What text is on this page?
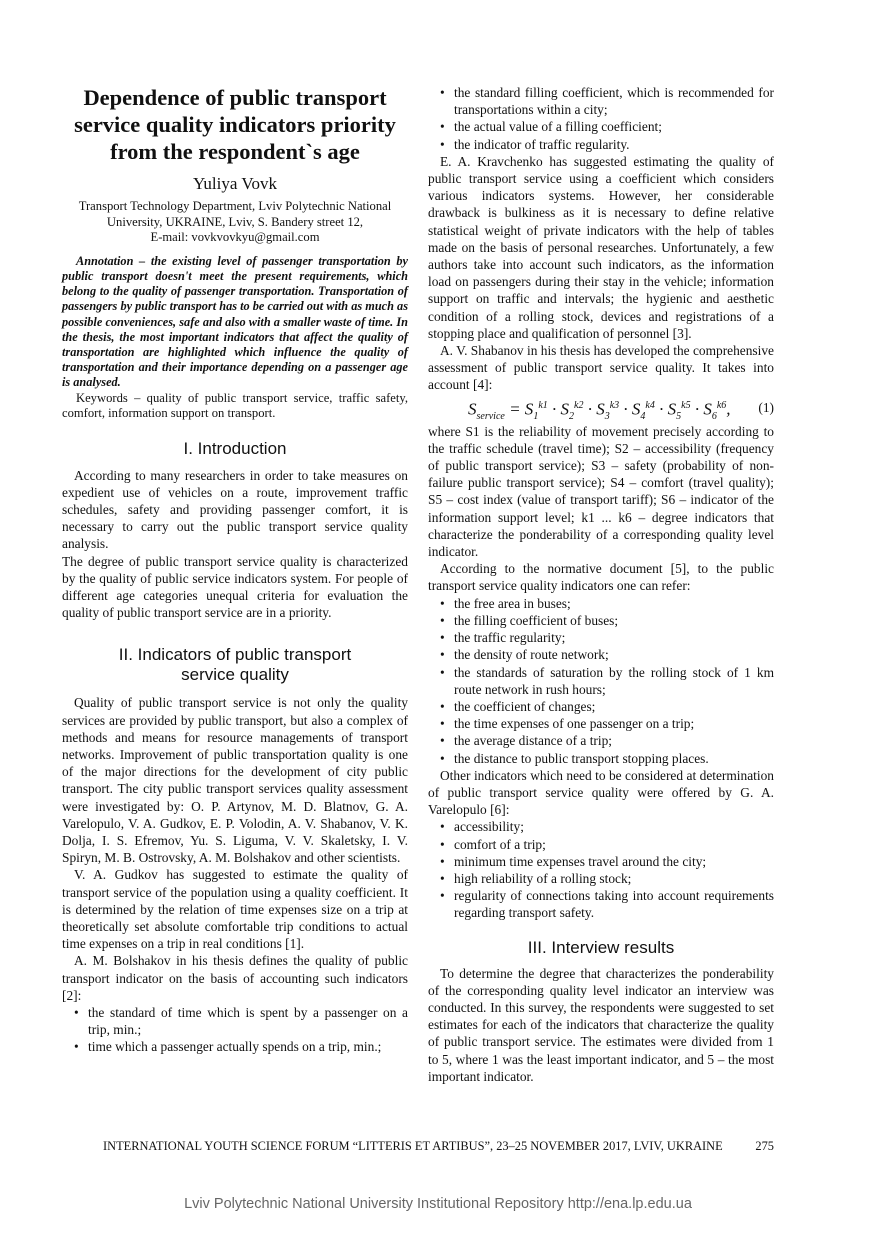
Dependence of public transport service quality indicators priority from the respondent`s age
Yuliya Vovk
Transport Technology Department, Lviv Polytechnic National University, UKRAINE, Lviv, S. Bandery street 12,
E-mail: vovkvovkyu@gmail.com

Annotation – the existing level of passenger transportation by public transport doesn't meet the present requirements, which belong to the quality of passenger transportation. Transportation of passengers by public transport has to be carried out with as much as possible conveniences, safe and also with a smaller waste of time. In the thesis, the most important indicators that affect the quality of transportation are highlighted which influence the quality of transportation and their importance depending on a passenger age is analysed.

Keywords – quality of public transport service, traffic safety, comfort, information support on transport.

I. Introduction

According to many researchers in order to take measures on expedient use of vehicles on a route, improvement traffic schedules, safety and providing passenger comfort, it is necessary to carry out the public transport service quality analysis.

The degree of public transport service quality is characterized by the quality of public service indicators system. For people of different age categories unequal criteria for evaluation the quality of public transport service are in a priority.

II. Indicators of public transport
service quality

Quality of public transport service is not only the quality services are provided by public transport, but also a complex of methods and means for resource managements of transport networks. Improvement of public transportation quality is one of the major directions for the development of city public transport. The city public transport services quality assessment were investigated by: O. P. Artynov, M. D. Blatnov, G. A. Varelopulo, V. A. Gudkov, E. P. Volodin, A. V. Shabanov, V. K. Dolja, I. S. Efremov, Yu. S. Liguma, V. V. Skaletsky, I. V. Spiryn, M. B. Ostrovsky, A. M. Bolshakov and other scientists.

V. A. Gudkov has suggested to estimate the quality of transport service of the population using a quality coefficient. It is determined by the relation of time expenses size on a trip at theoretically set absolute comfortable trip conditions to actual time expenses on a trip in real conditions [1].

A. M. Bolshakov in his thesis defines the quality of public transport indicator on the basis of accounting such indicators [2]:

• the standard of time which is spent by a passenger on a trip, min.;
• time which a passenger actually spends on a trip, min.;
• the standard filling coefficient, which is recommended for transportations within a city;
• the actual value of a filling coefficient;
• the indicator of traffic regularity.

E. A. Kravchenko has suggested estimating the quality of public transport service using a coefficient which considers various indicators systems. However, her considerable drawback is bulkiness as it is necessary to define relative statistical weight of private indicators with the help of tables made on the basis of personal researches. Unfortunately, a few authors take into account such indicators, as the information load on passengers during their stay in the vehicle; information support on traffic and intervals; the hygienic and aesthetic condition of a rolling stock, devices and registrations of a stopping place and qualification of personnel [3].

A. V. Shabanov in his thesis has developed the comprehensive assessment of public transport service quality. It takes into account [4]:

$S_{service} = S_1^{k1} \cdot S_2^{k2} \cdot S_3^{k3} \cdot S_4^{k4} \cdot S_5^{k5} \cdot S_6^{k6}$, (1)

where S1 is the reliability of movement precisely according to the traffic schedule (travel time); S2 – accessibility (frequency of public transport service); S3 – safety (probability of non-failure public transport service); S4 – comfort (travel quality); S5 – cost index (value of transport tariff); S6 – indicator of the information support level; k1 ... k6 – degree indicators that characterize the ponderability of a corresponding quality level indicator.

According to the normative document [5], to the public transport service quality indicators one can refer:

• the free area in buses;
• the filling coefficient of buses;
• the traffic regularity;
• the density of route network;
• the standards of saturation by the rolling stock of 1 km route network in rush hours;
• the coefficient of changes;
• the time expenses of one passenger on a trip;
• the average distance of a trip;
• the distance to public transport stopping places.

Other indicators which need to be considered at determination of public transport service quality were offered by G. A. Varelopulo [6]:

• accessibility;
• comfort of a trip;
• minimum time expenses travel around the city;
• high reliability of a rolling stock;
• regularity of connections taking into account requirements regarding transport safety.
III. Interview results

To determine the degree that characterizes the ponderability of the corresponding quality level indicator an interview was conducted. In this survey, the respondents were suggested to set estimates for each of the indicators that characterize the quality of public transport service. The estimates were divided from 1 to 5, where 1 was the least important indicator, and 5 – the most important indicator.

INTERNATIONAL YOUTH SCIENCE FORUM “LITTERIS ET ARTIBUS”, 23–25 NOVEMBER 2017, LVIV, UKRAINE	275
Lviv Polytechnic National University Institutional Repository http://ena.lp.edu.ua
